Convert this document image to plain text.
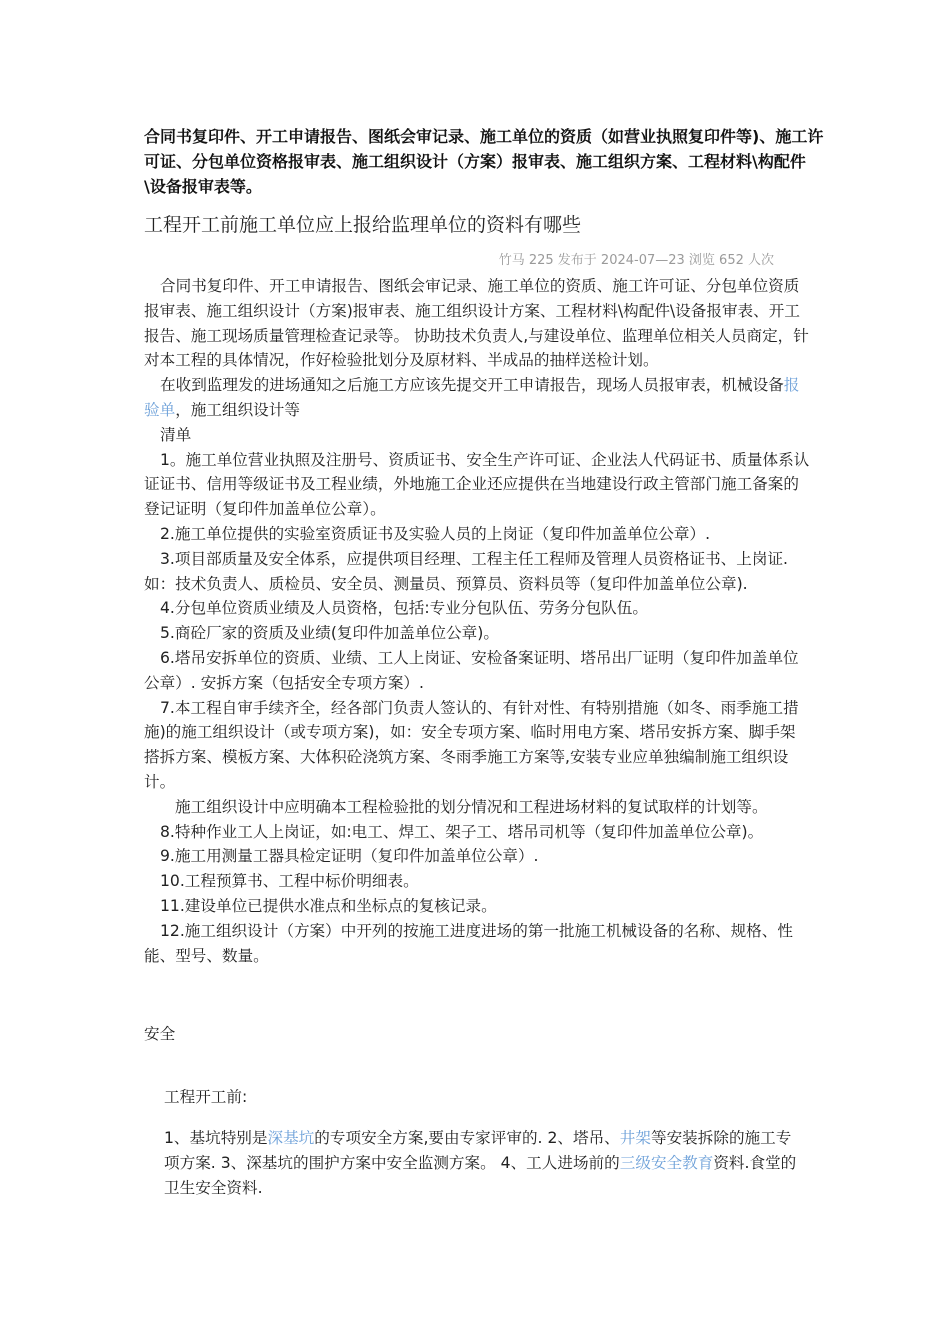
合同书复印件、开工申请报告、图纸会审记录、施工单位的资质（如营业执照复印件等)、施工许可证、分包单位资格报审表、施工组织设计（方案）报审表、施工组织方案、工程材料\构配件\设备报审表等。
工程开工前施工单位应上报给监理单位的资料有哪些
竹马 225 发布于 2024-07—23 浏览 652 人次

合同书复印件、开工申请报告、图纸会审记录、施工单位的资质、施工许可证、分包单位资质报审表、施工组织设计（方案)报审表、施工组织设计方案、工程材料\构配件\设备报审表、开工报告、施工现场质量管理检查记录等。 协助技术负责人,与建设单位、监理单位相关人员商定，针对本工程的具体情况，作好检验批划分及原材料、半成品的抽样送检计划。

在收到监理发的进场通知之后施工方应该先提交开工申请报告，现场人员报审表，机械设备报验单，施工组织设计等

清单

1。施工单位营业执照及注册号、资质证书、安全生产许可证、企业法人代码证书、质量体系认证证书、信用等级证书及工程业绩，外地施工企业还应提供在当地建设行政主管部门施工备案的登记证明（复印件加盖单位公章）。

2.施工单位提供的实验室资质证书及实验人员的上岗证（复印件加盖单位公章）.

3.项目部质量及安全体系，应提供项目经理、工程主任工程师及管理人员资格证书、上岗证.如：技术负责人、质检员、安全员、测量员、预算员、资料员等（复印件加盖单位公章).

4.分包单位资质业绩及人员资格，包括:专业分包队伍、劳务分包队伍。

5.商砼厂家的资质及业绩(复印件加盖单位公章)。

6.塔吊安拆单位的资质、业绩、工人上岗证、安检备案证明、塔吊出厂证明（复印件加盖单位公章）. 安拆方案（包括安全专项方案）.

7.本工程自审手续齐全，经各部门负责人签认的、有针对性、有特别措施（如冬、雨季施工措施)的施工组织设计（或专项方案)，如：安全专项方案、临时用电方案、塔吊安拆方案、脚手架搭拆方案、模板方案、大体积砼浇筑方案、冬雨季施工方案等,安装专业应单独编制施工组织设计。

施工组织设计中应明确本工程检验批的划分情况和工程进场材料的复试取样的计划等。

8.特种作业工人上岗证，如:电工、焊工、架子工、塔吊司机等（复印件加盖单位公章)。

9.施工用测量工器具检定证明（复印件加盖单位公章）.

10.工程预算书、工程中标价明细表。

11.建设单位已提供水准点和坐标点的复核记录。

12.施工组织设计（方案）中开列的按施工进度进场的第一批施工机械设备的名称、规格、性能、型号、数量。

安全

工程开工前:

1、基坑特别是深基坑的专项安全方案,要由专家评审的. 2、塔吊、井架等安装拆除的施工专项方案. 3、深基坑的围护方案中安全监测方案。 4、工人进场前的三级安全教育资料.食堂的卫生安全资料.
